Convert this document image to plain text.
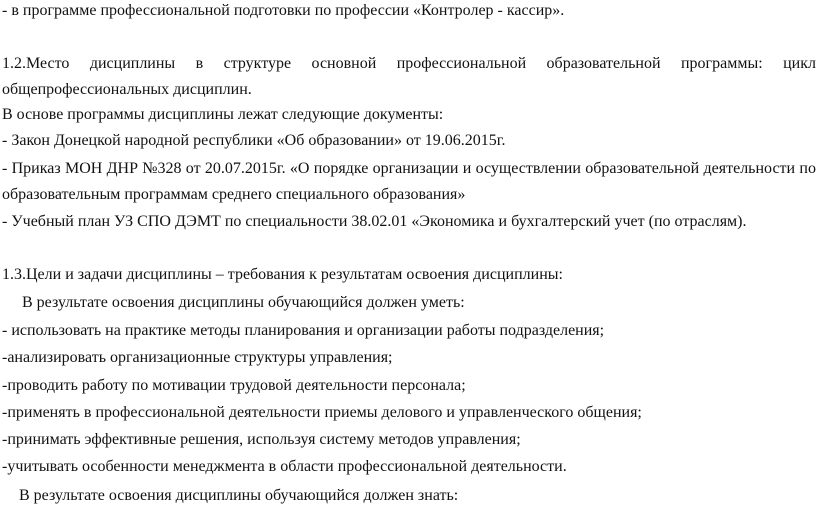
- в программе профессиональной подготовки по профессии «Контролер - кассир».
1.2.Место дисциплины в структуре основной профессиональной образовательной программы: цикл
общепрофессиональных дисциплин.
В основе программы дисциплины лежат следующие документы:
- Закон Донецкой народной республики «Об образовании» от 19.06.2015г.
- Приказ МОН ДНР №328 от 20.07.2015г. «О порядке организации и осуществлении образовательной деятельности по
образовательным программам среднего специального образования»
- Учебный план УЗ СПО ДЭМТ по специальности 38.02.01 «Экономика и бухгалтерский учет (по отраслям).
1.3.Цели и задачи дисциплины – требования к результатам освоения дисциплины:
В результате освоения дисциплины обучающийся должен уметь:
- использовать на практике методы планирования и организации работы подразделения;
-анализировать организационные структуры управления;
-проводить работу по мотивации трудовой деятельности персонала;
-применять в профессиональной деятельности приемы делового и управленческого общения;
-принимать эффективные решения, используя систему методов управления;
-учитывать особенности менеджмента в области профессиональной деятельности.
В результате освоения дисциплины обучающийся должен знать:
